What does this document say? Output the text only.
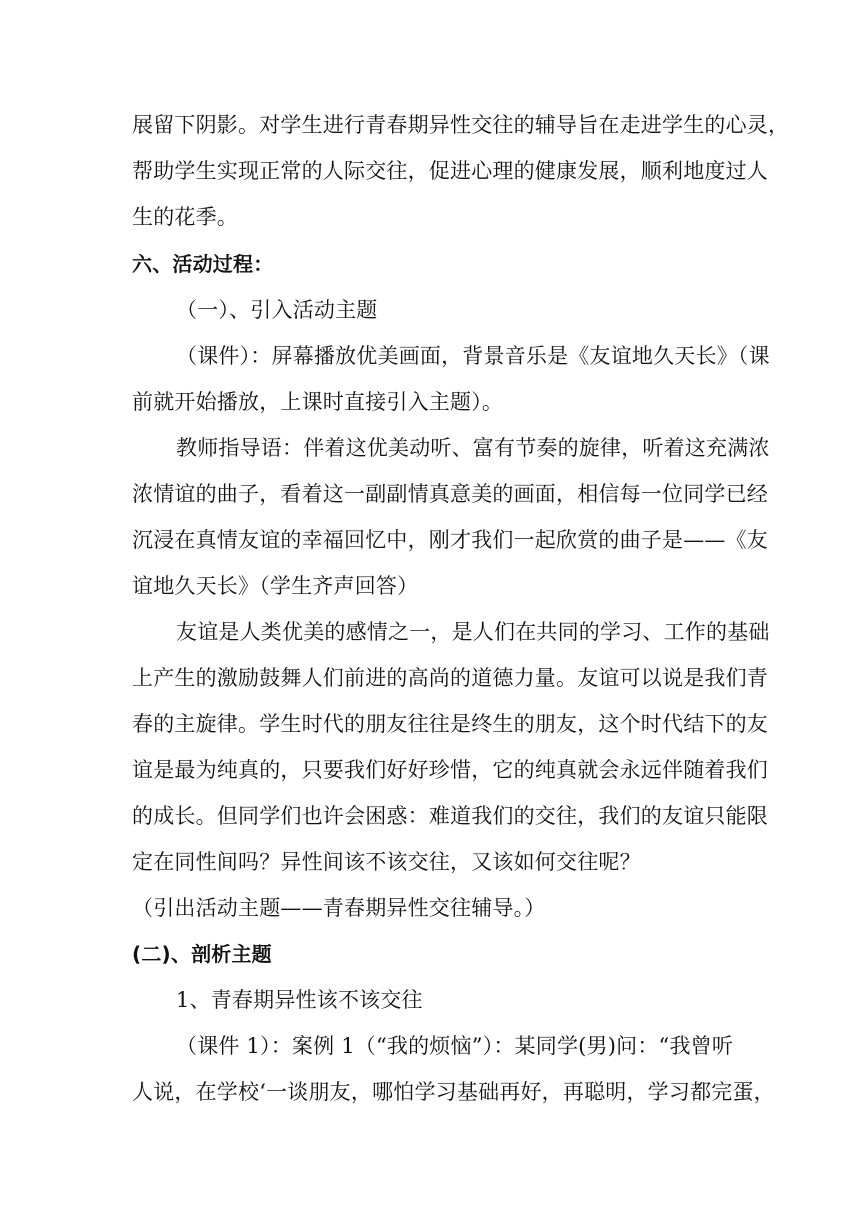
展留下阴影。对学生进行青春期异性交往的辅导旨在走进学生的心灵，
帮助学生实现正常的人际交往，促进心理的健康发展，顺利地度过人
生的花季。
六、活动过程：
（一）、引入活动主题
（课件）：屏幕播放优美画面，背景音乐是《友谊地久天长》（课
前就开始播放，上课时直接引入主题）。
教师指导语：伴着这优美动听、富有节奏的旋律，听着这充满浓
浓情谊的曲子，看着这一副副情真意美的画面，相信每一位同学已经
沉浸在真情友谊的幸福回忆中，刚才我们一起欣赏的曲子是——《友
谊地久天长》（学生齐声回答）
友谊是人类优美的感情之一，是人们在共同的学习、工作的基础
上产生的激励鼓舞人们前进的高尚的道德力量。友谊可以说是我们青
春的主旋律。学生时代的朋友往往是终生的朋友，这个时代结下的友
谊是最为纯真的，只要我们好好珍惜，它的纯真就会永远伴随着我们
的成长。但同学们也许会困惑：难道我们的交往，我们的友谊只能限
定在同性间吗？异性间该不该交往，又该如何交往呢？
（引出活动主题——青春期异性交往辅导。）
(二)、剖析主题
1、青春期异性该不该交往
（课件 1）：案例 1（“我的烦恼”）：某同学(男)问：“我曾听
人说，在学校‘一谈朋友，哪怕学习基础再好，再聪明，学习都完蛋，
